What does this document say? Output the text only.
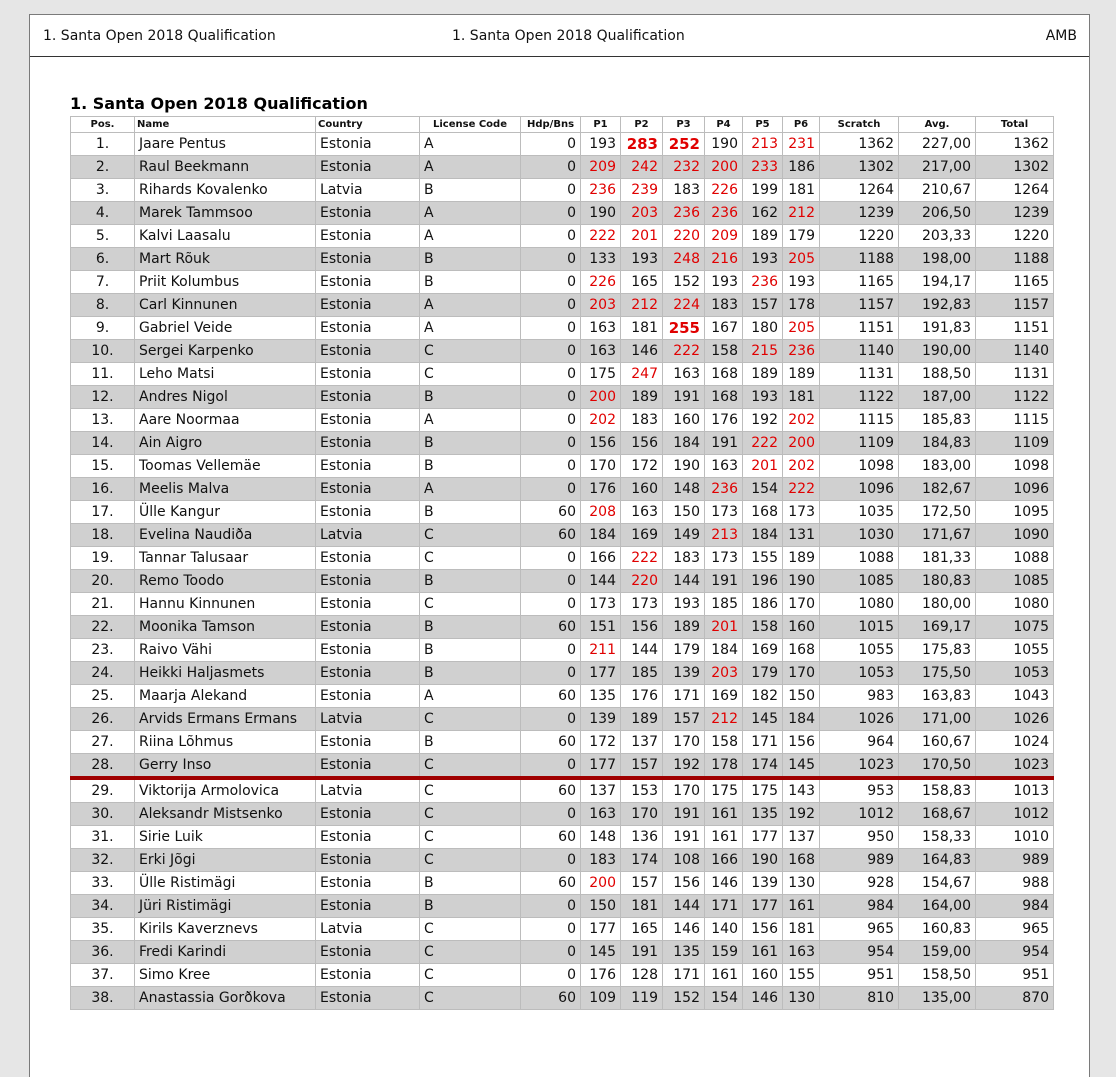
1. Santa Open 2018 Qualification	1. Santa Open 2018 Qualification	AMB
1. Santa Open 2018 Qualification
Pos.	Name	Country	License Code	Hdp/Bns	P1	P2	P3	P4	P5	P6	Scratch	Avg.	Total
1.	Jaare Pentus	Estonia	A	0	193	283	252	190	213	231	1362	227,00	1362
2.	Raul Beekmann	Estonia	A	0	209	242	232	200	233	186	1302	217,00	1302
3.	Rihards Kovalenko	Latvia	B	0	236	239	183	226	199	181	1264	210,67	1264
4.	Marek Tammsoo	Estonia	A	0	190	203	236	236	162	212	1239	206,50	1239
5.	Kalvi Laasalu	Estonia	A	0	222	201	220	209	189	179	1220	203,33	1220
6.	Mart Rõuk	Estonia	B	0	133	193	248	216	193	205	1188	198,00	1188
7.	Priit Kolumbus	Estonia	B	0	226	165	152	193	236	193	1165	194,17	1165
8.	Carl Kinnunen	Estonia	A	0	203	212	224	183	157	178	1157	192,83	1157
9.	Gabriel Veide	Estonia	A	0	163	181	255	167	180	205	1151	191,83	1151
10.	Sergei Karpenko	Estonia	C	0	163	146	222	158	215	236	1140	190,00	1140
11.	Leho Matsi	Estonia	C	0	175	247	163	168	189	189	1131	188,50	1131
12.	Andres Nigol	Estonia	B	0	200	189	191	168	193	181	1122	187,00	1122
13.	Aare Noormaa	Estonia	A	0	202	183	160	176	192	202	1115	185,83	1115
14.	Ain Aigro	Estonia	B	0	156	156	184	191	222	200	1109	184,83	1109
15.	Toomas Vellemäe	Estonia	B	0	170	172	190	163	201	202	1098	183,00	1098
16.	Meelis Malva	Estonia	A	0	176	160	148	236	154	222	1096	182,67	1096
17.	Ülle Kangur	Estonia	B	60	208	163	150	173	168	173	1035	172,50	1095
18.	Evelina Naudiða	Latvia	C	60	184	169	149	213	184	131	1030	171,67	1090
19.	Tannar Talusaar	Estonia	C	0	166	222	183	173	155	189	1088	181,33	1088
20.	Remo Toodo	Estonia	B	0	144	220	144	191	196	190	1085	180,83	1085
21.	Hannu Kinnunen	Estonia	C	0	173	173	193	185	186	170	1080	180,00	1080
22.	Moonika Tamson	Estonia	B	60	151	156	189	201	158	160	1015	169,17	1075
23.	Raivo Vähi	Estonia	B	0	211	144	179	184	169	168	1055	175,83	1055
24.	Heikki Haljasmets	Estonia	B	0	177	185	139	203	179	170	1053	175,50	1053
25.	Maarja Alekand	Estonia	A	60	135	176	171	169	182	150	983	163,83	1043
26.	Arvids Ermans Ermans	Latvia	C	0	139	189	157	212	145	184	1026	171,00	1026
27.	Riina Lõhmus	Estonia	B	60	172	137	170	158	171	156	964	160,67	1024
28.	Gerry Inso	Estonia	C	0	177	157	192	178	174	145	1023	170,50	1023
29.	Viktorija Armolovica	Latvia	C	60	137	153	170	175	175	143	953	158,83	1013
30.	Aleksandr Mistsenko	Estonia	C	0	163	170	191	161	135	192	1012	168,67	1012
31.	Sirie Luik	Estonia	C	60	148	136	191	161	177	137	950	158,33	1010
32.	Erki Jõgi	Estonia	C	0	183	174	108	166	190	168	989	164,83	989
33.	Ülle Ristimägi	Estonia	B	60	200	157	156	146	139	130	928	154,67	988
34.	Jüri Ristimägi	Estonia	B	0	150	181	144	171	177	161	984	164,00	984
35.	Kirils Kaverznevs	Latvia	C	0	177	165	146	140	156	181	965	160,83	965
36.	Fredi Karindi	Estonia	C	0	145	191	135	159	161	163	954	159,00	954
37.	Simo Kree	Estonia	C	0	176	128	171	161	160	155	951	158,50	951
38.	Anastassia Gorðkova	Estonia	C	60	109	119	152	154	146	130	810	135,00	870
